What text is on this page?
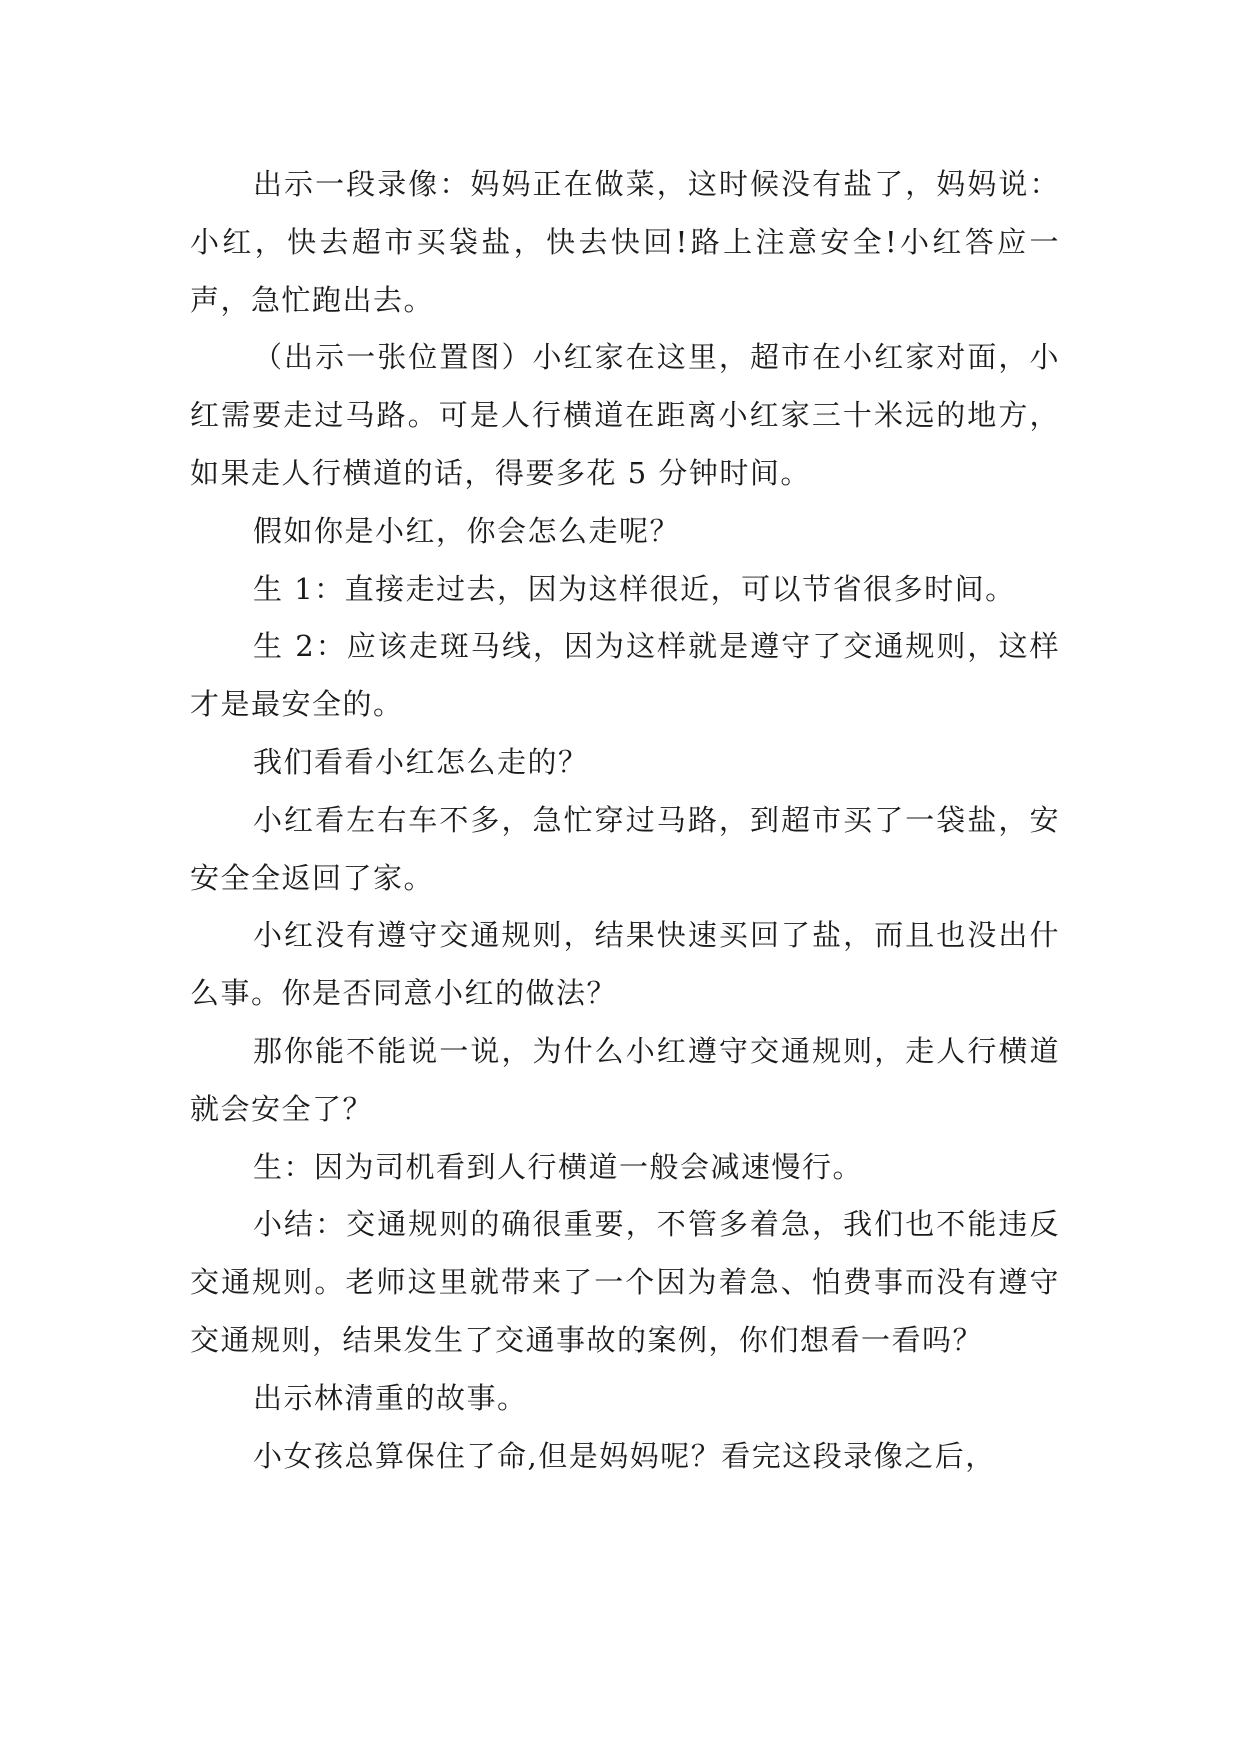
出示一段录像：妈妈正在做菜，这时候没有盐了，妈妈说：小红，快去超市买袋盐，快去快回!路上注意安全!小红答应一声，急忙跑出去。

（出示一张位置图）小红家在这里，超市在小红家对面，小红需要走过马路。可是人行横道在距离小红家三十米远的地方，如果走人行横道的话，得要多花 5 分钟时间。

假如你是小红，你会怎么走呢？

生 1：直接走过去，因为这样很近，可以节省很多时间。

生 2：应该走斑马线，因为这样就是遵守了交通规则，这样才是最安全的。

我们看看小红怎么走的？

小红看左右车不多，急忙穿过马路，到超市买了一袋盐，安安全全返回了家。

小红没有遵守交通规则，结果快速买回了盐，而且也没出什么事。你是否同意小红的做法？

那你能不能说一说，为什么小红遵守交通规则，走人行横道就会安全了？

生：因为司机看到人行横道一般会减速慢行。

小结：交通规则的确很重要，不管多着急，我们也不能违反交通规则。老师这里就带来了一个因为着急、怕费事而没有遵守交通规则，结果发生了交通事故的案例，你们想看一看吗？

出示林清重的故事。

小女孩总算保住了命,但是妈妈呢？看完这段录像之后，
